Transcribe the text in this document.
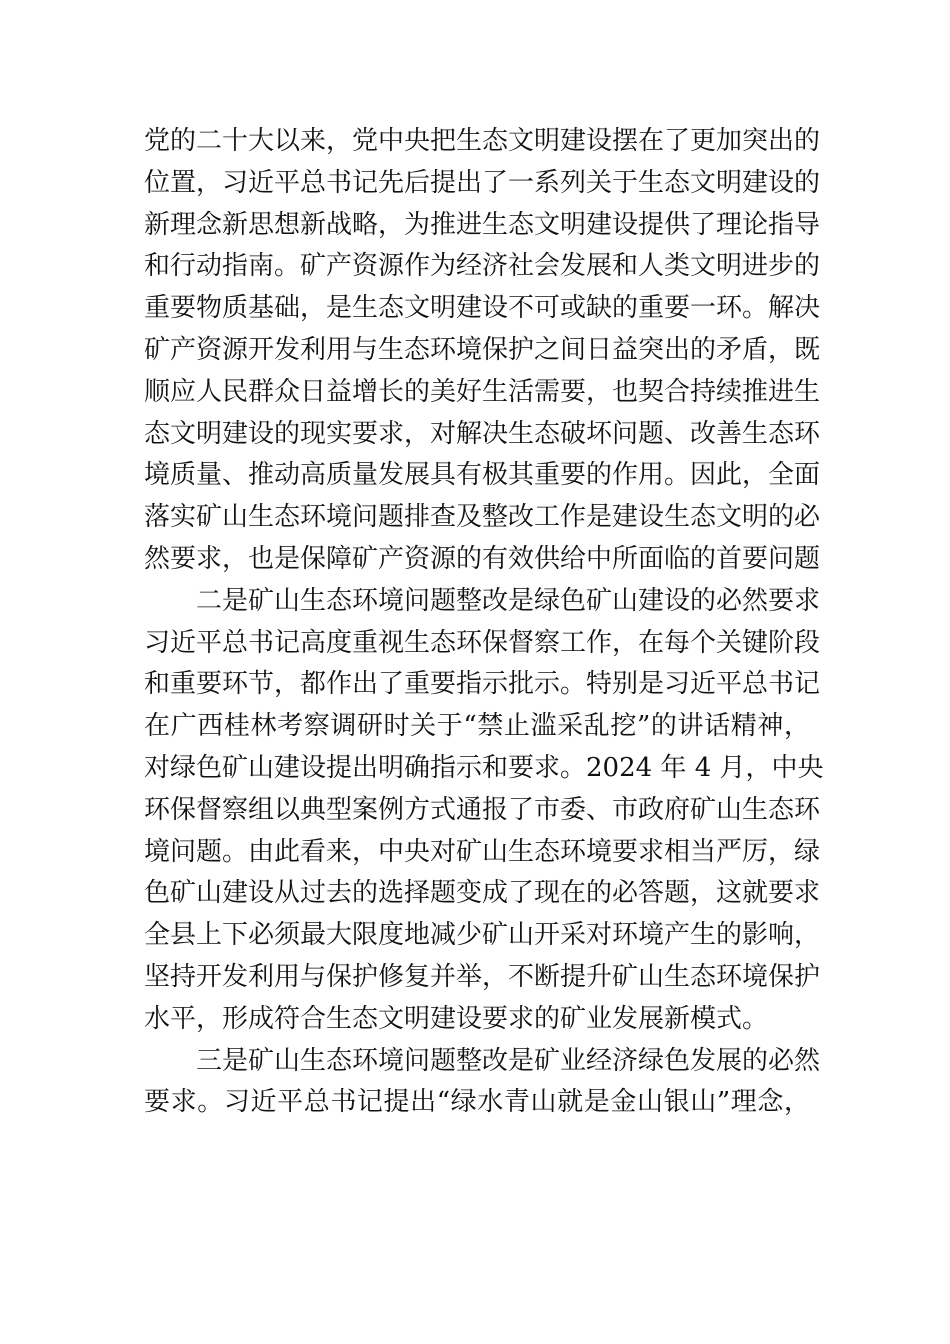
党的二十大以来，党中央把生态文明建设摆在了更加突出的
位置，习近平总书记先后提出了一系列关于生态文明建设的
新理念新思想新战略，为推进生态文明建设提供了理论指导
和行动指南。矿产资源作为经济社会发展和人类文明进步的
重要物质基础，是生态文明建设不可或缺的重要一环。解决
矿产资源开发利用与生态环境保护之间日益突出的矛盾，既
顺应人民群众日益增长的美好生活需要，也契合持续推进生
态文明建设的现实要求，对解决生态破坏问题、改善生态环
境质量、推动高质量发展具有极其重要的作用。因此，全面
落实矿山生态环境问题排查及整改工作是建设生态文明的必
然要求，也是保障矿产资源的有效供给中所面临的首要问题
二是矿山生态环境问题整改是绿色矿山建设的必然要求
习近平总书记高度重视生态环保督察工作，在每个关键阶段
和重要环节，都作出了重要指示批示。特别是习近平总书记
在广西桂林考察调研时关于“禁止滥采乱挖”的讲话精神，
对绿色矿山建设提出明确指示和要求。2024 年 4 月，中央
环保督察组以典型案例方式通报了市委、市政府矿山生态环
境问题。由此看来，中央对矿山生态环境要求相当严厉，绿
色矿山建设从过去的选择题变成了现在的必答题，这就要求
全县上下必须最大限度地减少矿山开采对环境产生的影响，
坚持开发利用与保护修复并举，不断提升矿山生态环境保护
水平，形成符合生态文明建设要求的矿业发展新模式。
三是矿山生态环境问题整改是矿业经济绿色发展的必然
要求。习近平总书记提出“绿水青山就是金山银山”理念，
